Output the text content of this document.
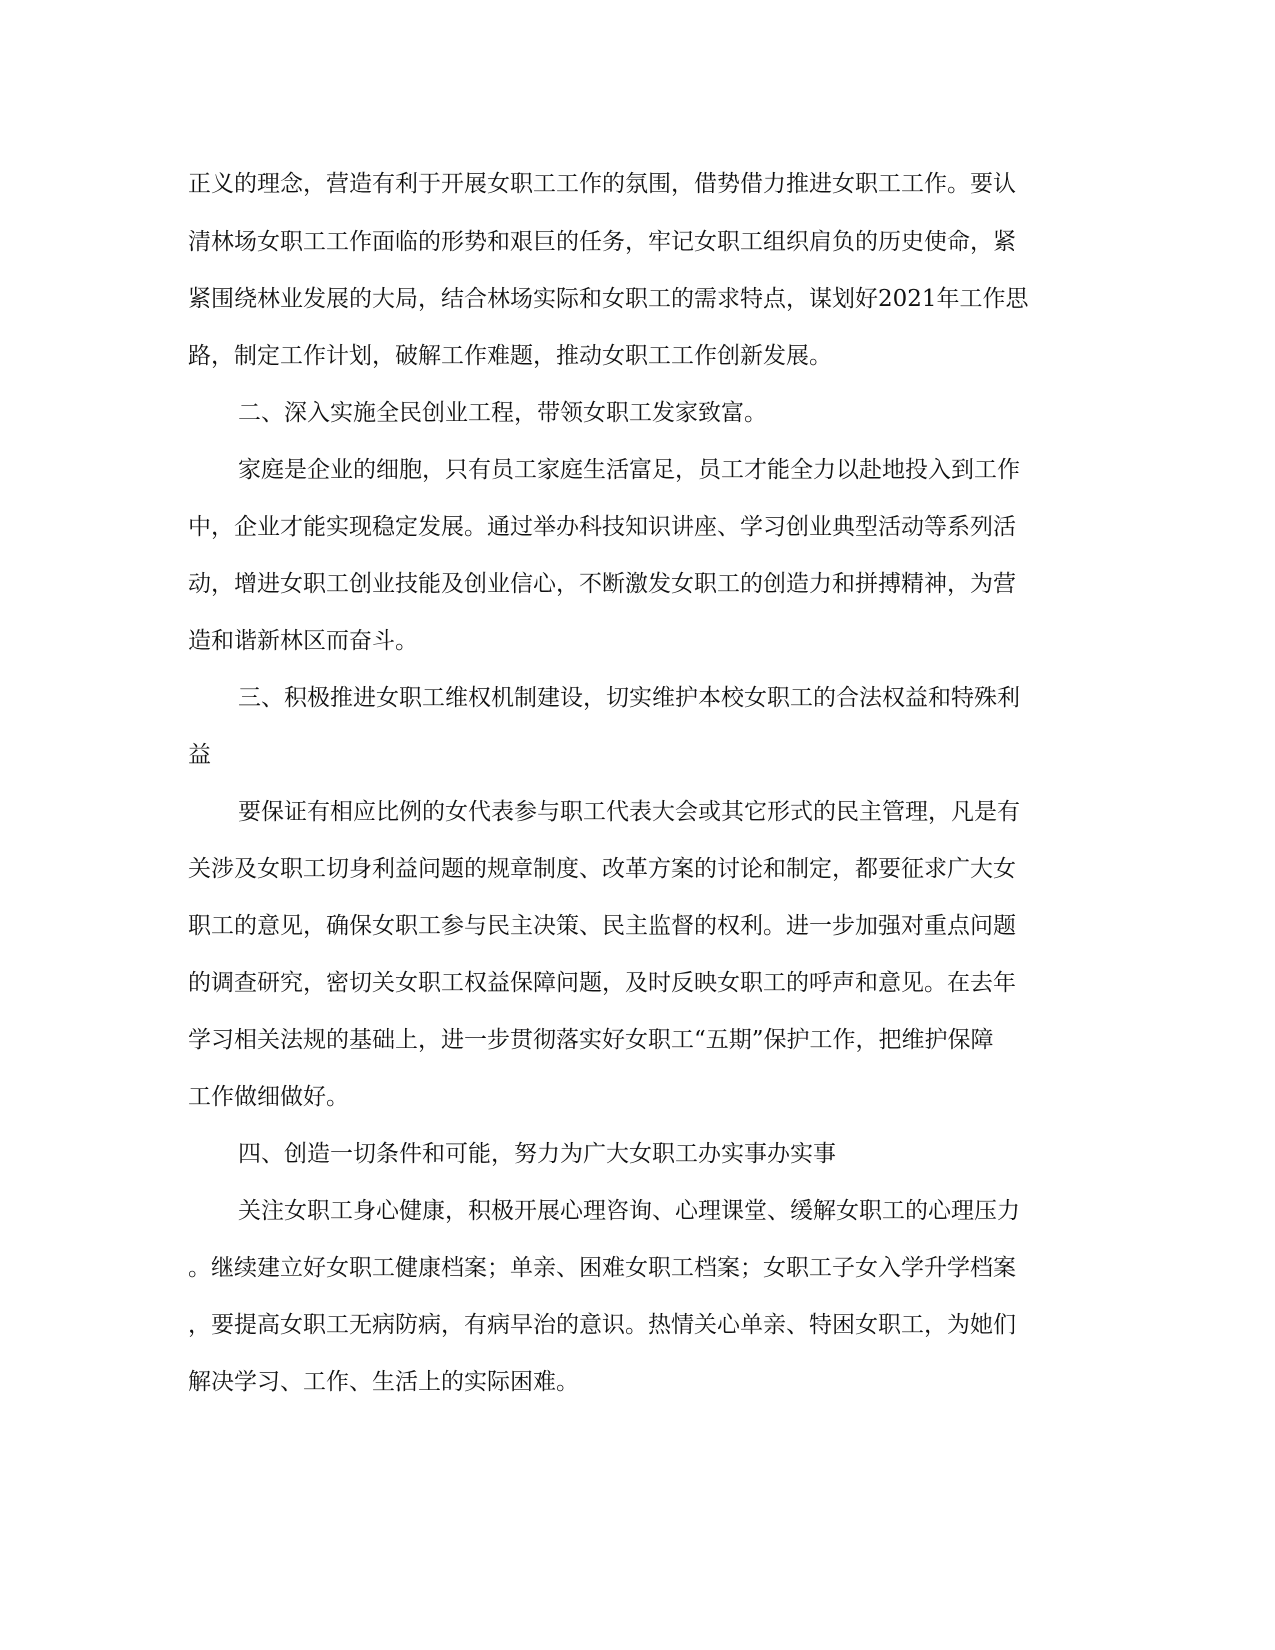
正义的理念，营造有利于开展女职工工作的氛围，借势借力推进女职工工作。要认
清林场女职工工作面临的形势和艰巨的任务，牢记女职工组织肩负的历史使命，紧
紧围绕林业发展的大局，结合林场实际和女职工的需求特点，谋划好2021年工作思
路，制定工作计划，破解工作难题，推动女职工工作创新发展。
二、深入实施全民创业工程，带领女职工发家致富。
家庭是企业的细胞，只有员工家庭生活富足，员工才能全力以赴地投入到工作
中，企业才能实现稳定发展。通过举办科技知识讲座、学习创业典型活动等系列活
动，增进女职工创业技能及创业信心，不断激发女职工的创造力和拼搏精神，为营
造和谐新林区而奋斗。
三、积极推进女职工维权机制建设，切实维护本校女职工的合法权益和特殊利
益
要保证有相应比例的女代表参与职工代表大会或其它形式的民主管理，凡是有
关涉及女职工切身利益问题的规章制度、改革方案的讨论和制定，都要征求广大女
职工的意见，确保女职工参与民主决策、民主监督的权利。进一步加强对重点问题
的调查研究，密切关女职工权益保障问题，及时反映女职工的呼声和意见。在去年
学习相关法规的基础上，进一步贯彻落实好女职工“五期”保护工作，把维护保障
工作做细做好。
四、创造一切条件和可能，努力为广大女职工办实事办实事
关注女职工身心健康，积极开展心理咨询、心理课堂、缓解女职工的心理压力
。继续建立好女职工健康档案；单亲、困难女职工档案；女职工子女入学升学档案
，要提高女职工无病防病，有病早治的意识。热情关心单亲、特困女职工，为她们
解决学习、工作、生活上的实际困难。
